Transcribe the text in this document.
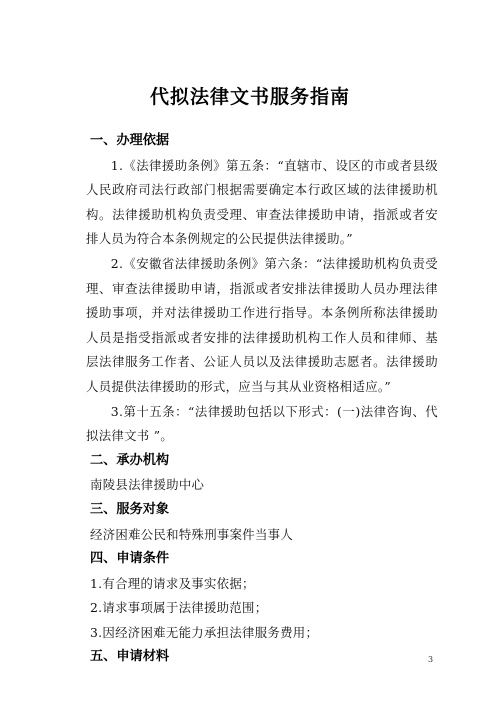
代拟法律文书服务指南
一、办理依据

1.《法律援助条例》第五条：“直辖市、设区的市或者县级人民政府司法行政部门根据需要确定本行政区域的法律援助机构。法律援助机构负责受理、审查法律援助申请，指派或者安排人员为符合本条例规定的公民提供法律援助。”

2.《安徽省法律援助条例》第六条：“法律援助机构负责受理、审查法律援助申请，指派或者安排法律援助人员办理法律援助事项，并对法律援助工作进行指导。本条例所称法律援助人员是指受指派或者安排的法律援助机构工作人员和律师、基层法律服务工作者、公证人员以及法律援助志愿者。法律援助人员提供法律援助的形式，应当与其从业资格相适应。”

3.第十五条：“法律援助包括以下形式：(一)法律咨询、代拟法律文书 ”。

二、承办机构
南陵县法律援助中心
三、服务对象
经济困难公民和特殊刑事案件当事人
四、申请条件
1.有合理的请求及事实依据；
2.请求事项属于法律援助范围；
3.因经济困难无能力承担法律服务费用；
五、申请材料	3
